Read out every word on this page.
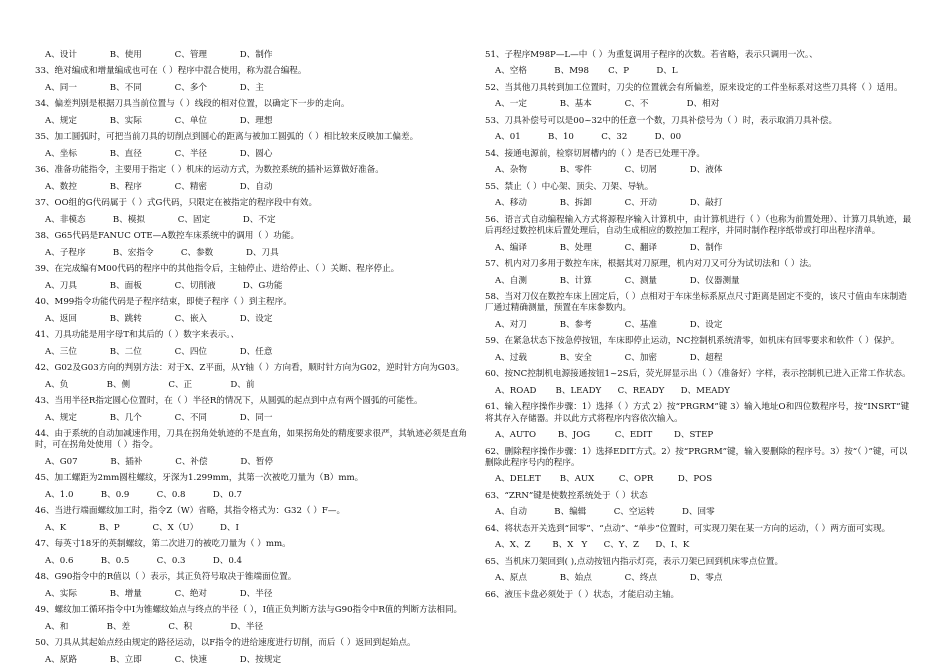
A、设计            B、使用            C、管理            D、制作
33、绝对编成和增量编成也可在（ ）程序中混合使用，称为混合编程。
A、同一            B、不同            C、多个            D、主
34、偏差判别是根据刀具当前位置与（ ）线段的相对位置，以确定下一步的走向。
A、规定            B、实际            C、单位            D、理想
35、加工圆弧时，可把当前刀具的切削点到圆心的距离与被加工圆弧的（ ）相比较来反映加工偏差。
A、坐标            B、直径            C、半径            D、圆心
36、准备功能指令，主要用于指定（ ）机床的运动方式，为数控系统的插补运算做好准备。
A、数控            B、程序            C、精密            D、自动
37、OO组的G代码属于（ ）式G代码，只限定在被指定的程序段中有效。
A、非模态          B、模拟            C、固定            D、不定
38、G65代码是FANUC OTE—A数控车床系统中的调用（ ）功能。
A、子程序          B、宏指令          C、参数            D、刀具
39、在完成编有M00代码的程序中的其他指令后，主轴停止、进给停止、（ ）关断、程序停止。
A、刀具            B、面板            C、切削液          D、G功能
40、M99指令功能代码是子程序结束，即使子程序（ ）到主程序。
A、返回            B、跳转            C、嵌入            D、设定
41、刀具功能是用字母T和其后的（ ）数字来表示。、
A、三位            B、二位            C、四位            D、任意
42、G02及G03方向的判别方法：对于X、Z平面，从Y轴（ ）方向看，顺时针方向为G02，逆时针方向为G03。
A、负              B、侧              C、正              D、前
43、当用半径R指定圆心位置时，在（ ）半径R的情况下，从圆弧的起点到中点有两个圆弧的可能性。
A、规定            B、几个            C、不同            D、同一
44、由于系统的自动加减速作用，刀具在拐角处轨迹的不是直角，如果拐角处的精度要求很严，其轨迹必须是直角时，可在拐角处使用（ ）指令。
A、G07            B、插补            C、补偿            D、暂停
45、加工螺距为2mm圆柱螺纹，牙深为1.299mm，其第一次被吃刀量为（B）mm。
A、1.0          B、0.9          C、0.8          D、0.7
46、当进行端面螺纹加工时，指令Z（W）省略，其指令格式为：G32（ ）F—。
A、K            B、P            C、X（U）        D、I
47、每英寸18牙的英制螺纹，第二次进刀的被吃刀量为（ ）mm。
A、0.6          B、0.5          C、0.3          D、0.4
48、G90指令中的R值以（ ）表示，其正负符号取决于锥端面位置。
A、实际            B、增量            C、绝对            D、半径
49、螺纹加工循环指令中I为锥螺纹始点与终点的半径（ ），I值正负判断方法与G90指令中R值的判断方法相同。
A、和              B、差              C、积              D、半径
50、刀具从其起始点经由规定的路径运动，以F指令的进给速度进行切削，而后（ ）返回到起始点。
A、原路            B、立即            C、快速            D、按规定
51、子程序M98P—L—中（ ）为重复调用子程序的次数。若省略，表示只调用一次。、
A、空格          B、M98       C、P          D、L
52、当其他刀具转到加工位置时，刀尖的位置就会有所偏差，原来设定的工件坐标系对这些刀具将（ ）适用。
A、一定            B、基本            C、不              D、相对
53、刀具补偿号可以是00~32中的任意一个数，刀具补偿号为（ ）时，表示取消刀具补偿。
A、01          B、10          C、32          D、00
54、接通电源前，检察切屑槽内的（ ）是否已处理干净。
A、杂物            B、零件            C、切屑            D、液体
55、禁止（ ）中心架、顶尖、刀架、导轨。
A、移动            B、拆卸            C、开动            D、敲打
56、语言式自动编程输入方式将源程序输入计算机中，由计算机进行（ ）（也称为前置处理）、计算刀具轨迹，最后再经过数控机床后置处理后，自动生成相应的数控加工程序，并同时制作程序纸带或打印出程序清单。
A、编译            B、处理            C、翻译            D、制作
57、机内对刀多用于数控车床，根据其对刀原理，机内对刀又可分为试切法和（ ）法。
A、自测            B、计算            C、测量            D、仪器测量
58、当对刀仪在数控车床上固定后，（ ）点相对于车床坐标系原点尺寸距离是固定不变的，该尺寸值由车床制造厂通过精确测量，预置在车床参数内。
A、对刀            B、参考            C、基准            D、设定
59、在紧急状态下按急停按钮，车床即停止运动，NC控制机系统清零，如机床有回零要求和软件（ ）保护。
A、过载            B、安全            C、加密            D、超程
60、按NC控制机电源接通按钮1~2S后，荧光屏显示出（ ）（准备好）字样，表示控制机已进入正常工作状态。
A、ROAD       B、LEADY      C、READY      D、MEADY
61、输入程序操作步骤：1）选择（ ）方式 2）按“PRGRM”键 3）输入地址O和四位数程序号，按“INSRT”键将其存入存储器。并以此方式将程序内容依次输入。
A、AUTO        B、JOG         C、EDIT        D、STEP
62、删除程序操作步骤：1）选择EDIT方式。2）按“PRGRM”键，输入要删除的程序号。3）按“（ ）”键，可以删除此程序号内的程序。
A、DELET       B、AUX         C、OPR         D、POS
63、“ZRN”键是使数控系统处于（ ）状态
A、自动          B、编辑          C、空运转          D、回零
64、将状态开关选到“回零”、“点动”、“单步”位置时，可实现刀架在某一方向的运动，（ ）两方面可实现。
A、X、Z        B、X   Y      C、Y、Z      D、I、K
65、当机床刀架回到( ),点动按钮内指示灯亮，表示刀架已回到机床零点位置。
A、原点            B、始点            C、终点            D、零点
66、液压卡盘必须处于（ ）状态，才能启动主轴。
